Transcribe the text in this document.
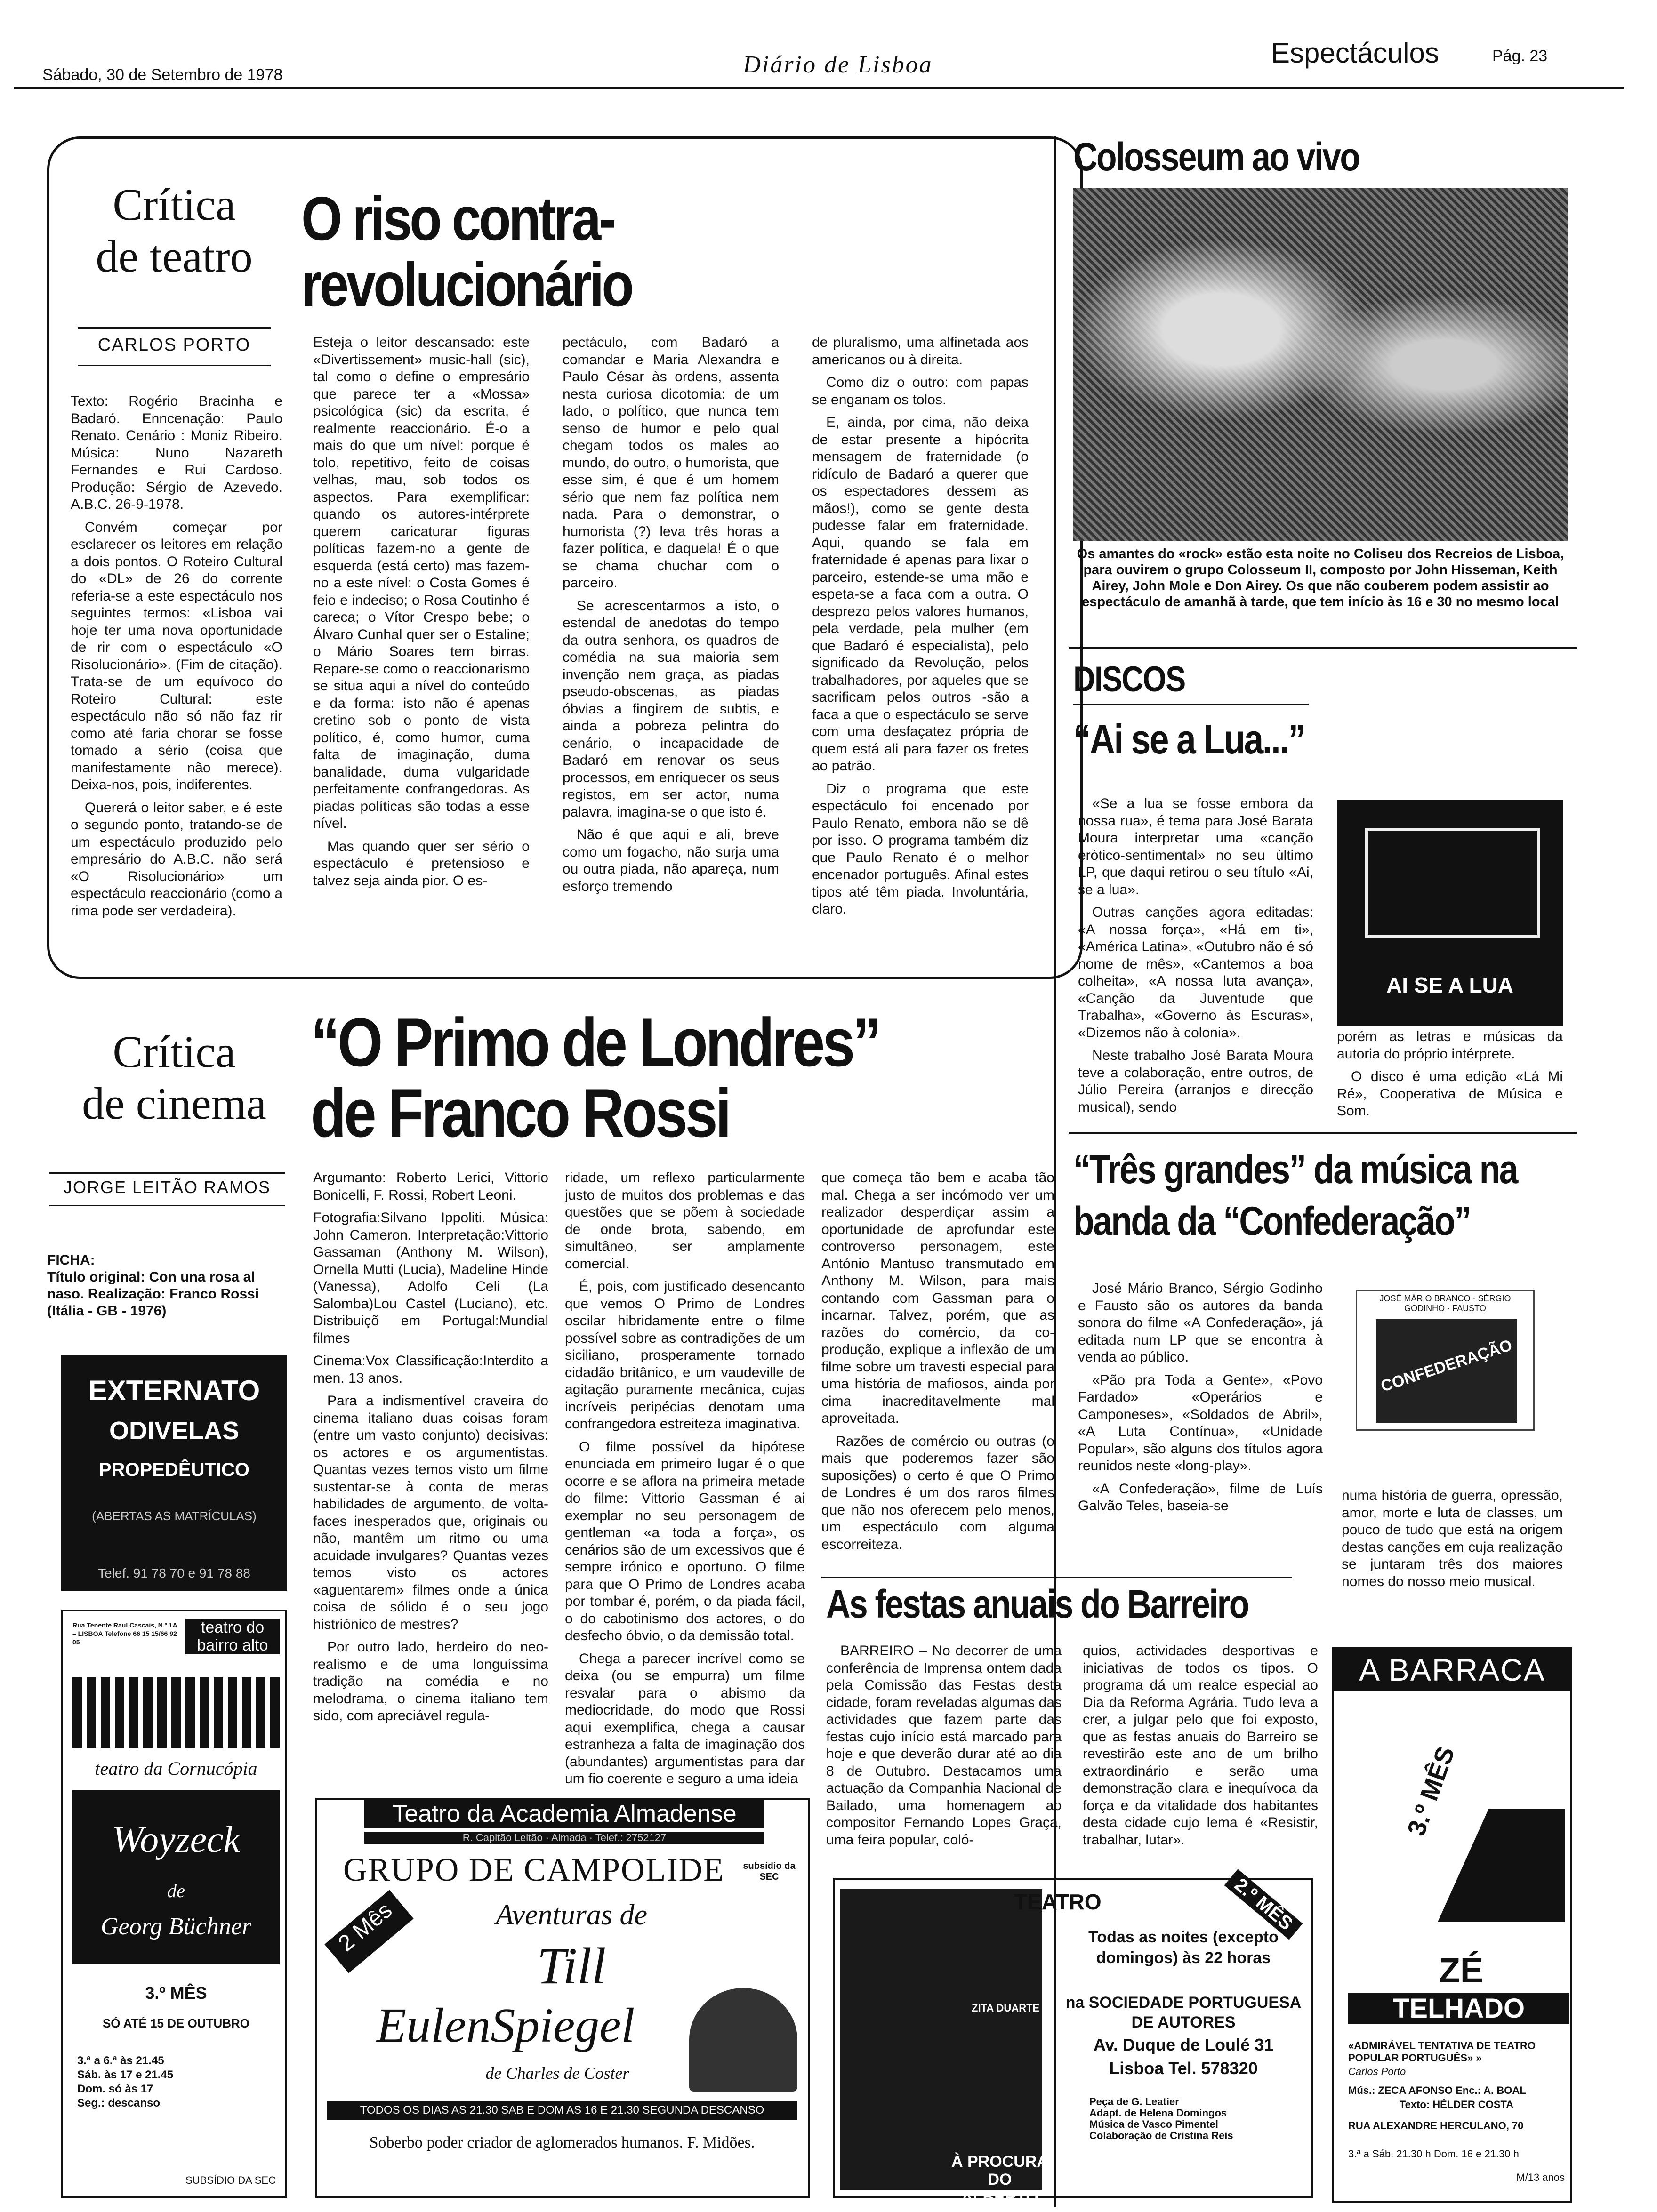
Sábado, 30 de Setembro de 1978	Diário de Lisboa	Espectáculos	Pág. 23
Crítica
de teatro
CARLOS PORTO
O riso contra-revolucionário

Texto: Rogério Bracinha e Badaró. Enncenação: Paulo Renato. Cenário : Moniz Ribeiro. Música: Nuno Nazareth Fernandes e Rui Cardoso. Produção: Sérgio de Azevedo. A.B.C. 26-9-1978.

Convém começar por esclarecer os leitores em relação a dois pontos. O Roteiro Cultural do «DL» de 26 do corrente referia-se a este espectáculo nos seguintes termos: «Lisboa vai hoje ter uma nova oportunidade de rir com o espectáculo «O Risolucionário». (Fim de citação). Trata-se de um equívoco do Roteiro Cultural: este espectáculo não só não faz rir como até faria chorar se fosse tomado a sério (coisa que manifestamente não merece). Deixa-nos, pois, indiferentes.

Quererá o leitor saber, e é este o segundo ponto, tratando-se de um espectáculo produzido pelo empresário do A.B.C. não será «O Risolucionário» um espectáculo reaccionário (como a rima pode ser verdadeira).

Esteja o leitor descansado: este «Divertissement» music-hall (sic), tal como o define o empresário que parece ter a «Mossa» psicológica (sic) da escrita, é realmente reaccionário. É-o a mais do que um nível: porque é tolo, repetitivo, feito de coisas velhas, mau, sob todos os aspectos. Para exemplificar: quando os autores-intérprete querem caricaturar figuras políticas fazem-no a gente de esquerda (está certo) mas fazem-no a este nível: o Costa Gomes é feio e indeciso; o Rosa Coutinho é careca; o Vítor Crespo bebe; o Álvaro Cunhal quer ser o Estaline; o Mário Soares tem birras. Repare-se como o reaccionarismo se situa aqui a nível do conteúdo e da forma: isto não é apenas cretino sob o ponto de vista político, é, como humor, cuma falta de imaginação, duma banalidade, duma vulgaridade perfeitamente confrangedoras. As piadas políticas são todas a esse nível.

Mas quando quer ser sério o espectáculo é pretensioso e talvez seja ainda pior. O es-

pectáculo, com Badaró a comandar e Maria Alexandra e Paulo César às ordens, assenta nesta curiosa dicotomia: de um lado, o político, que nunca tem senso de humor e pelo qual chegam todos os males ao mundo, do outro, o humorista, que esse sim, é que é um homem sério que nem faz política nem nada. Para o demonstrar, o humorista (?) leva três horas a fazer política, e daquela! É o que se chama chuchar com o parceiro.

Se acrescentarmos a isto, o estendal de anedotas do tempo da outra senhora, os quadros de comédia na sua maioria sem invenção nem graça, as piadas pseudo-obscenas, as piadas óbvias a fingirem de subtis, e ainda a pobreza pelintra do cenário, o incapacidade de Badaró em renovar os seus processos, em enriquecer os seus registos, em ser actor, numa palavra, imagina-se o que isto é.

Não é que aqui e ali, breve como um fogacho, não surja uma ou outra piada, não apareça, num esforço tremendo

de pluralismo, uma alfinetada aos americanos ou à direita.

Como diz o outro: com papas se enganam os tolos.

E, ainda, por cima, não deixa de estar presente a hipócrita mensagem de fraternidade (o ridículo de Badaró a querer que os espectadores dessem as mãos!), como se gente desta pudesse falar em fraternidade. Aqui, quando se fala em fraternidade é apenas para lixar o parceiro, estende-se uma mão e espeta-se a faca com a outra. O desprezo pelos valores humanos, pela verdade, pela mulher (em que Badaró é especialista), pelo significado da Revolução, pelos trabalhadores, por aqueles que se sacrificam pelos outros -são a faca a que o espectáculo se serve com uma desfaçatez própria de quem está ali para fazer os fretes ao patrão.

Diz o programa que este espectáculo foi encenado por Paulo Renato, embora não se dê por isso. O programa também diz que Paulo Renato é o melhor encenador português. Afinal estes tipos até têm piada. Involuntária, claro.

Colosseum ao vivo
Os amantes do «rock» estão esta noite no Coliseu dos Recreios de Lisboa, para ouvirem o grupo Colosseum II, composto por John Hisseman, Keith Airey, John Mole e Don Airey. Os que não couberem podem assistir ao espectáculo de amanhã à tarde, que tem início às 16 e 30 no mesmo local
DISCOS
“Ai se a Lua...”

«Se a lua se fosse embora da nossa rua», é tema para José Barata Moura interpretar uma «canção erótico-sentimental» no seu último LP, que daqui retirou o seu título «Ai, se a lua».

Outras canções agora editadas: «A nossa força», «Há em ti», «América Latina», «Outubro não é só nome de mês», «Cantemos a boa colheita», «A nossa luta avança», «Canção da Juventude que Trabalha», «Governo às Escuras», «Dizemos não à colonia».

Neste trabalho José Barata Moura teve a colaboração, entre outros, de Júlio Pereira (arranjos e direcção musical), sendo

AI SE A LUA

porém as letras e músicas da autoria do próprio intérprete.

O disco é uma edição «Lá Mi Ré», Cooperativa de Música e Som.

“Três grandes” da música na banda da “Confederação”

José Mário Branco, Sérgio Godinho e Fausto são os autores da banda sonora do filme «A Confederação», já editada num LP que se encontra à venda ao público.

«Pão pra Toda a Gente», «Povo Fardado» «Operários e Camponeses», «Soldados de Abril», «A Luta Contínua», «Unidade Popular», são alguns dos títulos agora reunidos neste «long-play».

«A Confederação», filme de Luís Galvão Teles, baseia-se

JOSÉ MÁRIO BRANCO · SÉRGIO GODINHO · FAUSTO
CONFEDERAÇÃO

numa história de guerra, opressão, amor, morte e luta de classes, um pouco de tudo que está na origem destas canções em cuja realização se juntaram três dos maiores nomes do nosso meio musical.

Crítica
de cinema
JORGE LEITÃO RAMOS
FICHA:
Título original: Con una rosa al naso. Realização: Franco Rossi (Itália - GB - 1976)
“O Primo de Londres”
de Franco Rossi

Argumanto: Roberto Lerici, Vittorio Bonicelli, F. Rossi, Robert Leoni.

Fotografia:Silvano Ippoliti. Música: John Cameron. Interpretação:Vittorio Gassaman (Anthony M. Wilson), Ornella Mutti (Lucia), Madeline Hinde (Vanessa), Adolfo Celi (La Salomba)Lou Castel (Luciano), etc. Distribuiçõ em Portugal:Mundial filmes

Cinema:Vox Classificação:Interdito a men. 13 anos.

Para a indismentível craveira do cinema italiano duas coisas foram (entre um vasto conjunto) decisivas: os actores e os argumentistas. Quantas vezes temos visto um filme sustentar-se à conta de meras habilidades de argumento, de volta-faces inesperados que, originais ou não, mantêm um ritmo ou uma acuidade invulgares? Quantas vezes temos visto os actores «aguentarem» filmes onde a única coisa de sólido é o seu jogo histriónico de mestres?

Por outro lado, herdeiro do neo-realismo e de uma longuíssima tradição na comédia e no melodrama, o cinema italiano tem sido, com apreciável regula-

ridade, um reflexo particularmente justo de muitos dos problemas e das questões que se põem à sociedade de onde brota, sabendo, em simultâneo, ser amplamente comercial.

É, pois, com justificado desencanto que vemos O Primo de Londres oscilar hibridamente entre o filme possível sobre as contradições de um siciliano, prosperamente tornado cidadão britânico, e um vaudeville de agitação puramente mecânica, cujas incríveis peripécias denotam uma confrangedora estreiteza imaginativa.

O filme possível da hipótese enunciada em primeiro lugar é o que ocorre e se aflora na primeira metade do filme: Vittorio Gassman é ai exemplar no seu personagem de gentleman «a toda a força», os cenários são de um excessivos que é sempre irónico e oportuno. O filme para que O Primo de Londres acaba por tombar é, porém, o da piada fácil, o do cabotinismo dos actores, o do desfecho óbvio, o da demissão total.

Chega a parecer incrível como se deixa (ou se empurra) um filme resvalar para o abismo da mediocridade, do modo que Rossi aqui exemplifica, chega a causar estranheza a falta de imaginação dos (abundantes) argumentistas para dar um fio coerente e seguro a uma ideia

que começa tão bem e acaba tão mal. Chega a ser incómodo ver um realizador desperdiçar assim a oportunidade de aprofundar este controverso personagem, este António Mantuso transmutado em Anthony M. Wilson, para mais contando com Gassman para o incarnar. Talvez, porém, que as razões do comércio, da co-produção, explique a inflexão de um filme sobre um travesti especial para uma história de mafiosos, ainda por cima inacreditavelmente mal aproveitada.

Razões de comércio ou outras (o mais que poderemos fazer são suposições) o certo é que O Primo de Londres é um dos raros filmes que não nos oferecem pelo menos, um espectáculo com alguma escorreiteza.

As festas anuais do Barreiro

BARREIRO – No decorrer de uma conferência de Imprensa ontem dada pela Comissão das Festas desta cidade, foram reveladas algumas das actividades que fazem parte das festas cujo início está marcado para hoje e que deverão durar até ao dia 8 de Outubro. Destacamos uma actuação da Companhia Nacional de Bailado, uma homenagem ao compositor Fernando Lopes Graça, uma feira popular, coló-

quios, actividades desportivas e iniciativas de todos os tipos. O programa dá um realce especial ao Dia da Reforma Agrária. Tudo leva a crer, a julgar pelo que foi exposto, que as festas anuais do Barreiro se revestirão este ano de um brilho extraordinário e serão uma demonstração clara e inequívoca da força e da vitalidade dos habitantes desta cidade cujo lema é «Resistir, trabalhar, lutar».

EXTERNATO
ODIVELAS
PROPEDÊUTICO
(ABERTAS AS MATRÍCULAS)
Telef. 91 78 70 e 91 78 88
Rua Tenente Raul Cascais, N.º 1A – LISBOA Telefone 66 15 15/66 92 05
teatro do bairro alto
teatro da Cornucópia
Woyzeck
de
Georg Büchner
3.º MÊS
SÓ ATÉ 15 DE OUTUBRO
3.ª a 6.ª às 21.45
Sáb. às 17 e 21.45
Dom. só às 17
Seg.: descanso
SUBSÍDIO DA SEC
Teatro da Academia Almadense
R. Capitão Leitão · Almada · Telef.: 2752127
GRUPO DE CAMPOLIDE	subsídio da SEC
2 Mês	Aventuras de
Till
EulenSpiegel
de Charles de Coster
TODOS OS DIAS AS 21.30 SAB E DOM AS 16 E 21.30 SEGUNDA DESCANSO
Soberbo poder criador de aglomerados humanos. F. Midões.
TEATRO	2.º MÊS
ZITA DUARTE
Todas as noites (excepto domingos) às 22 horas
na SOCIEDADE PORTUGUESA DE AUTORES
Av. Duque de Loulé 31
Lisboa Tel. 578320
Peça de G. Leatier
Adapt. de Helena Domingos
Música de Vasco Pimentel
Colaboração de Cristina Reis
À PROCURA DO ALBERTO
A BARRACA
3.º MÊS
ZÉ
TELHADO
«ADMIRÁVEL TENTATIVA DE TEATRO POPULAR PORTUGUÊS» »
Carlos Porto
Mús.: ZECA AFONSO Enc.: A. BOAL
Texto: HÉLDER COSTA
RUA ALEXANDRE HERCULANO, 70
3.ª a Sáb. 21.30 h Dom. 16 e 21.30 h
M/13 anos
